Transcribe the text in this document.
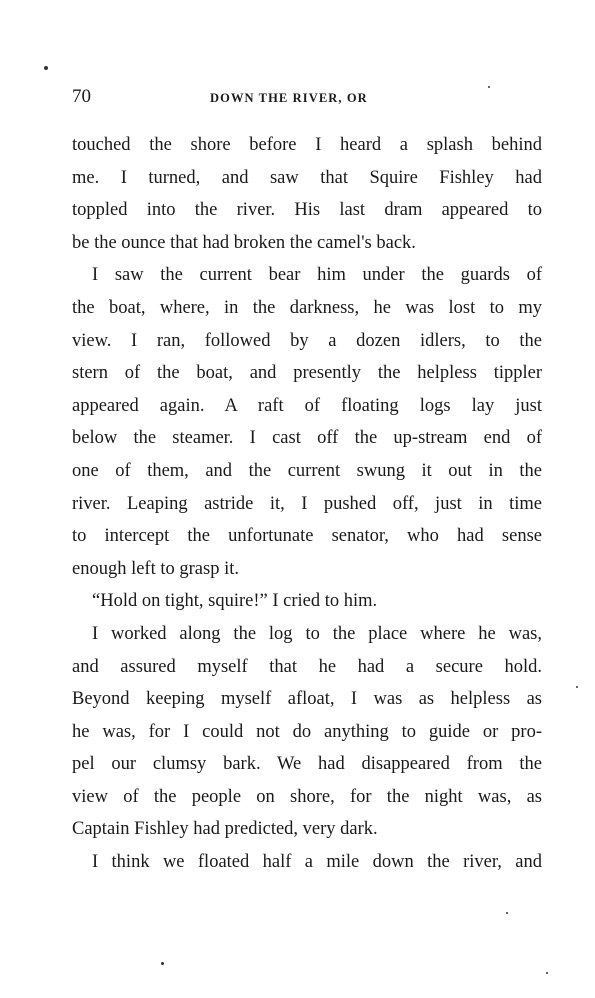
70	DOWN THE RIVER, OR

touched the shore before I heard a splash behind
me. I turned, and saw that Squire Fishley had
toppled into the river. His last dram appeared to
be the ounce that had broken the camel's back.

I saw the current bear him under the guards of
the boat, where, in the darkness, he was lost to my
view. I ran, followed by a dozen idlers, to the
stern of the boat, and presently the helpless tippler
appeared again. A raft of floating logs lay just
below the steamer. I cast off the up-stream end of
one of them, and the current swung it out in the
river. Leaping astride it, I pushed off, just in time
to intercept the unfortunate senator, who had sense
enough left to grasp it.

“Hold on tight, squire!” I cried to him.

I worked along the log to the place where he was,
and assured myself that he had a secure hold.
Beyond keeping myself afloat, I was as helpless as
he was, for I could not do anything to guide or pro-
pel our clumsy bark. We had disappeared from the
view of the people on shore, for the night was, as
Captain Fishley had predicted, very dark.

I think we floated half a mile down the river, and
